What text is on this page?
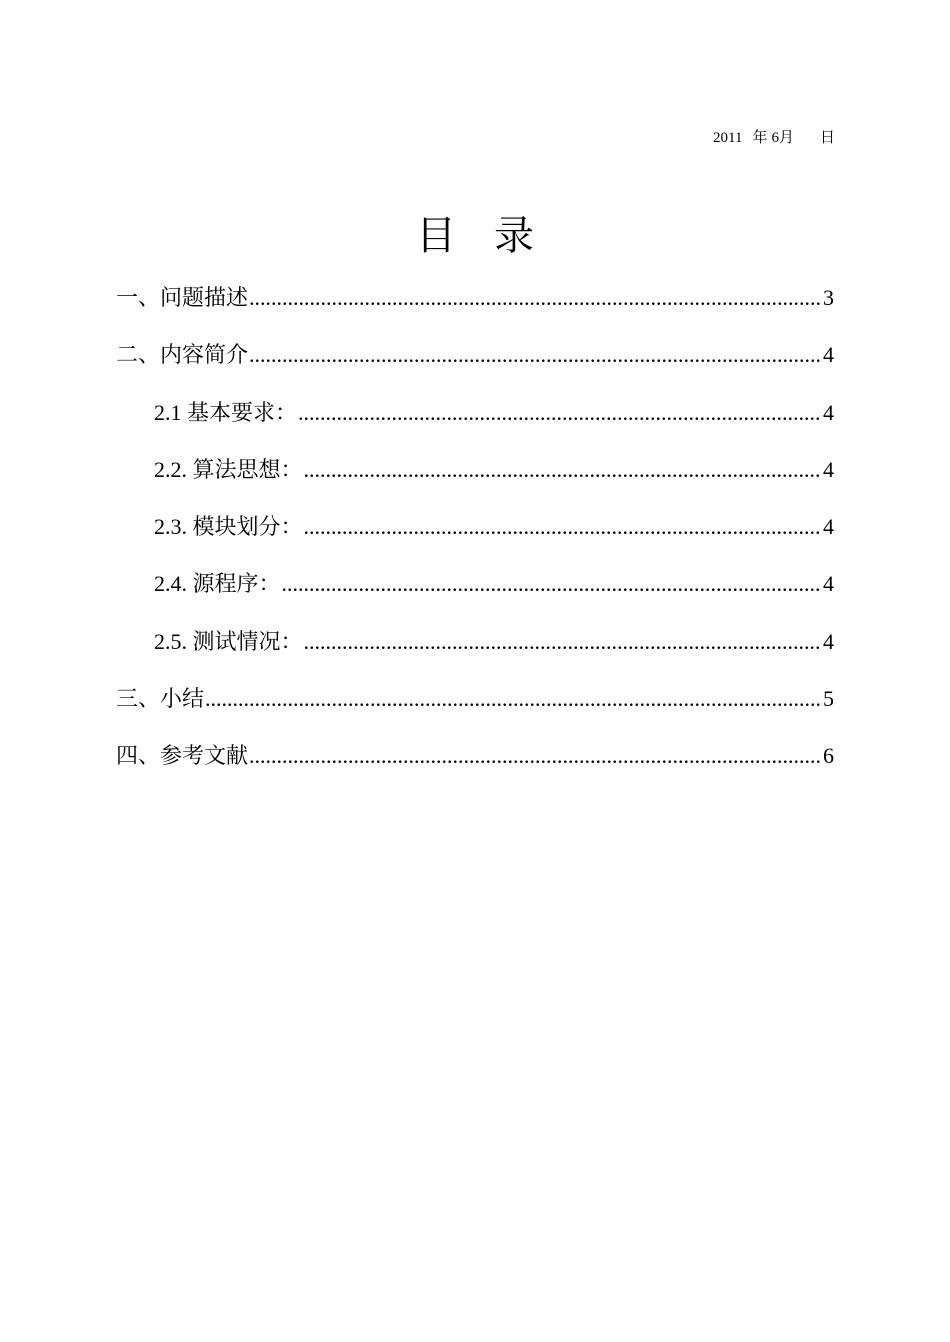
2011 年 6月 日
目录
一、 问题描述 .....	3
二、 内容简介 .....	4
2.1 基本要求： .....	4
2.2. 算法思想： .....	4
2.3. 模块划分： .....	4
2.4. 源程序： .....	4
2.5. 测试情况： .....	4
三、 小结 .....	5
四、 参考文献 .....	6
